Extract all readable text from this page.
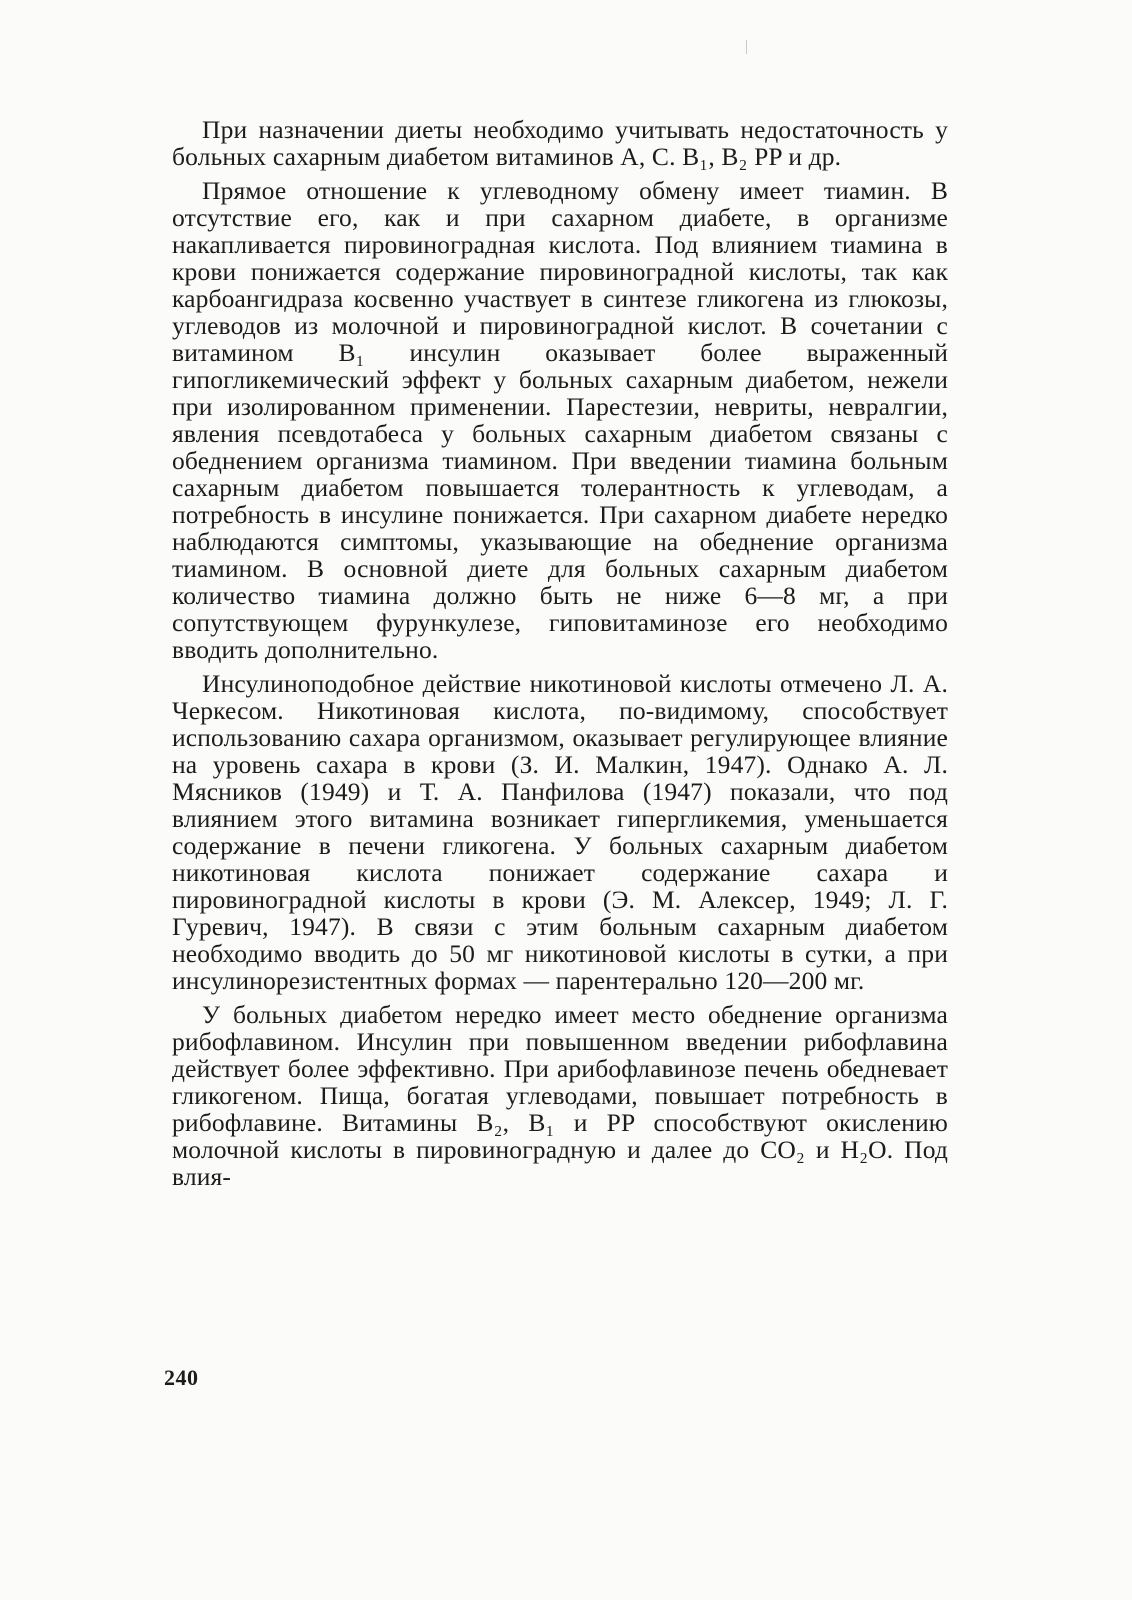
При назначении диеты необходимо учитывать недостаточность у больных сахарным диабетом витаминов A, C. B₁, B₂ PP и др.

Прямое отношение к углеводному обмену имеет тиамин. В отсутствие его, как и при сахарном диабете, в организме накапливается пировиноградная кислота. Под влиянием тиамина в крови понижается содержание пировиноградной кислоты, так как карбоангидраза косвенно участвует в синтезе гликогена из глюкозы, углеводов из молочной и пировиноградной кислот. В сочетании с витамином B₁ инсулин оказывает более выраженный гипогликемический эффект у больных сахарным диабетом, нежели при изолированном применении. Парестезии, невриты, невралгии, явления псевдотабеса у больных сахарным диабетом связаны с обеднением организма тиамином. При введении тиамина больным сахарным диабетом повышается толерантность к углеводам, а потребность в инсулине понижается. При сахарном диабете нередко наблюдаются симптомы, указывающие на обеднение организма тиамином. В основной диете для больных сахарным диабетом количество тиамина должно быть не ниже 6—8 мг, а при сопутствующем фурункулезе, гиповитаминозе его необходимо вводить дополнительно.

Инсулиноподобное действие никотиновой кислоты отмечено Л. А. Черкесом. Никотиновая кислота, по-видимому, способствует использованию сахара организмом, оказывает регулирующее влияние на уровень сахара в крови (З. И. Малкин, 1947). Однако А. Л. Мясников (1949) и Т. А. Панфилова (1947) показали, что под влиянием этого витамина возникает гипергликемия, уменьшается содержание в печени гликогена. У больных сахарным диабетом никотиновая кислота понижает содержание сахара и пировиноградной кислоты в крови (Э. М. Алексер, 1949; Л. Г. Гуревич, 1947). В связи с этим больным сахарным диабетом необходимо вводить до 50 мг никотиновой кислоты в сутки, а при инсулинорезистентных формах — парентерально 120—200 мг.

У больных диабетом нередко имеет место обеднение организма рибофлавином. Инсулин при повышенном введении рибофлавина действует более эффективно. При арибофлавинозе печень обедневает гликогеном. Пища, богатая углеводами, повышает потребность в рибофлавине. Витамины B₂, B₁ и PP способствуют окислению молочной кислоты в пировиноградную и далее до CO₂ и H₂O. Под влия-

240
